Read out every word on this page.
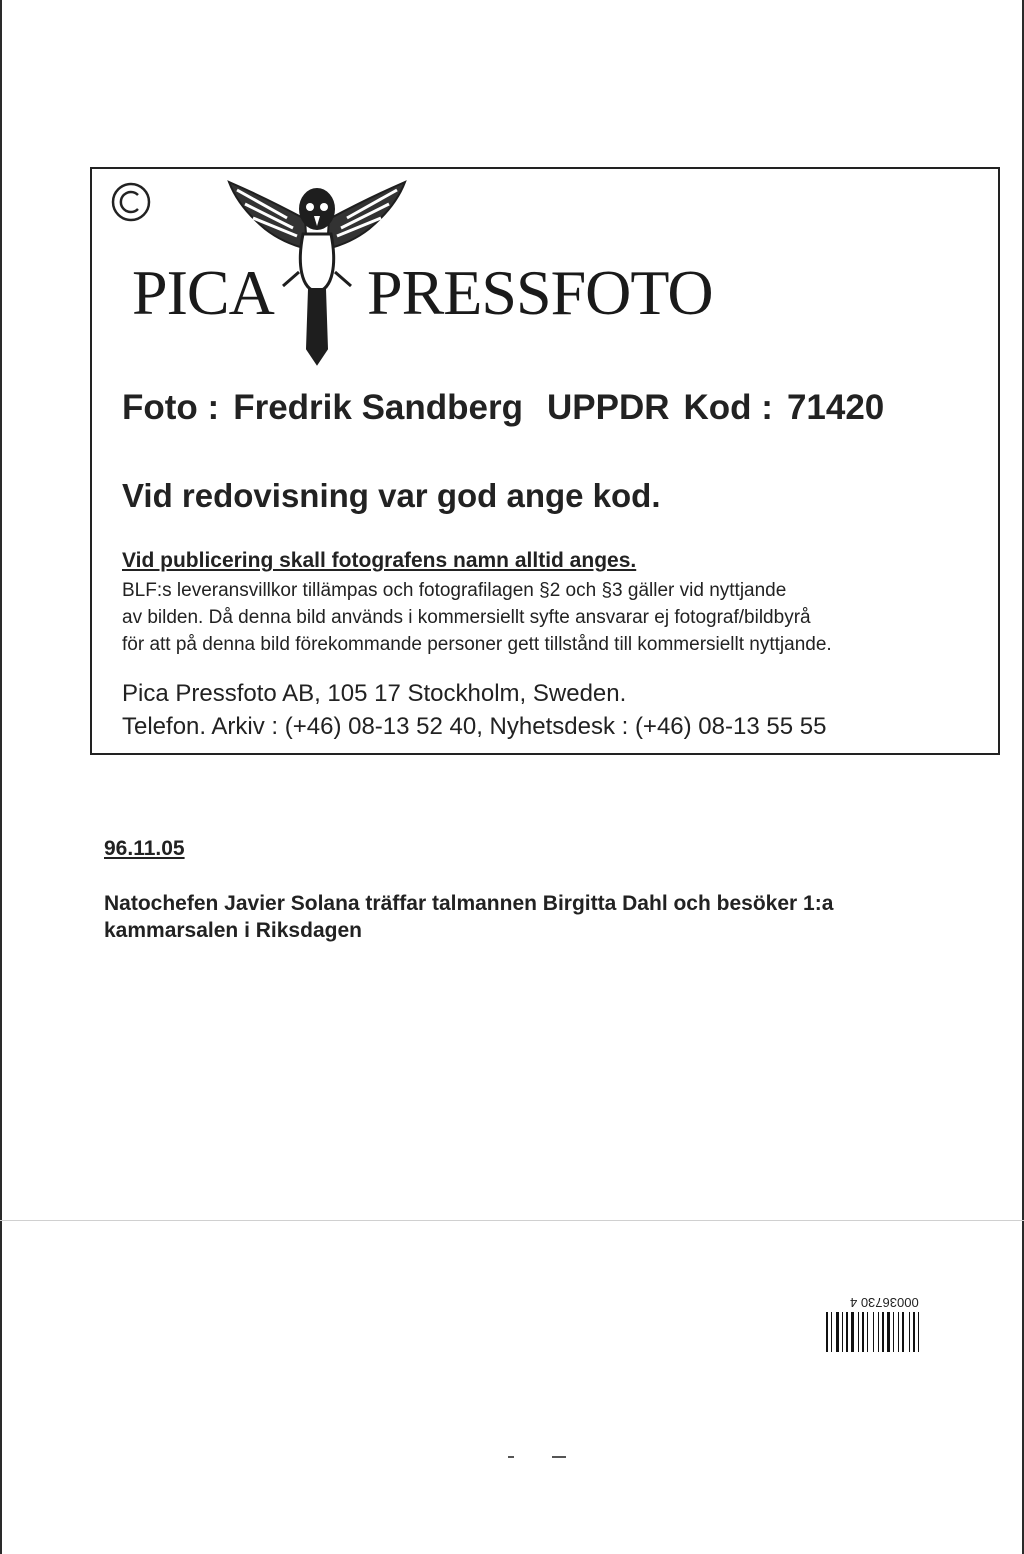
PICA PRESSFOTO
Foto : Fredrik Sandberg UPPDR Kod : 71420
Vid redovisning var god ange kod.
Vid publicering skall fotografens namn alltid anges.
BLF:s leveransvillkor tillämpas och fotografilagen §2 och §3 gäller vid nyttjande
av bilden. Då denna bild används i kommersiellt syfte ansvarar ej fotograf/bildbyrå
för att på denna bild förekommande personer gett tillstånd till kommersiellt nyttjande.
Pica Pressfoto AB, 105 17 Stockholm, Sweden.
Telefon. Arkiv : (+46) 08-13 52 40, Nyhetsdesk : (+46) 08-13 55 55
96.11.05
Natochefen Javier Solana träffar talmannen Birgitta Dahl och besöker 1:a
kammarsalen i Riksdagen
00036730 4
